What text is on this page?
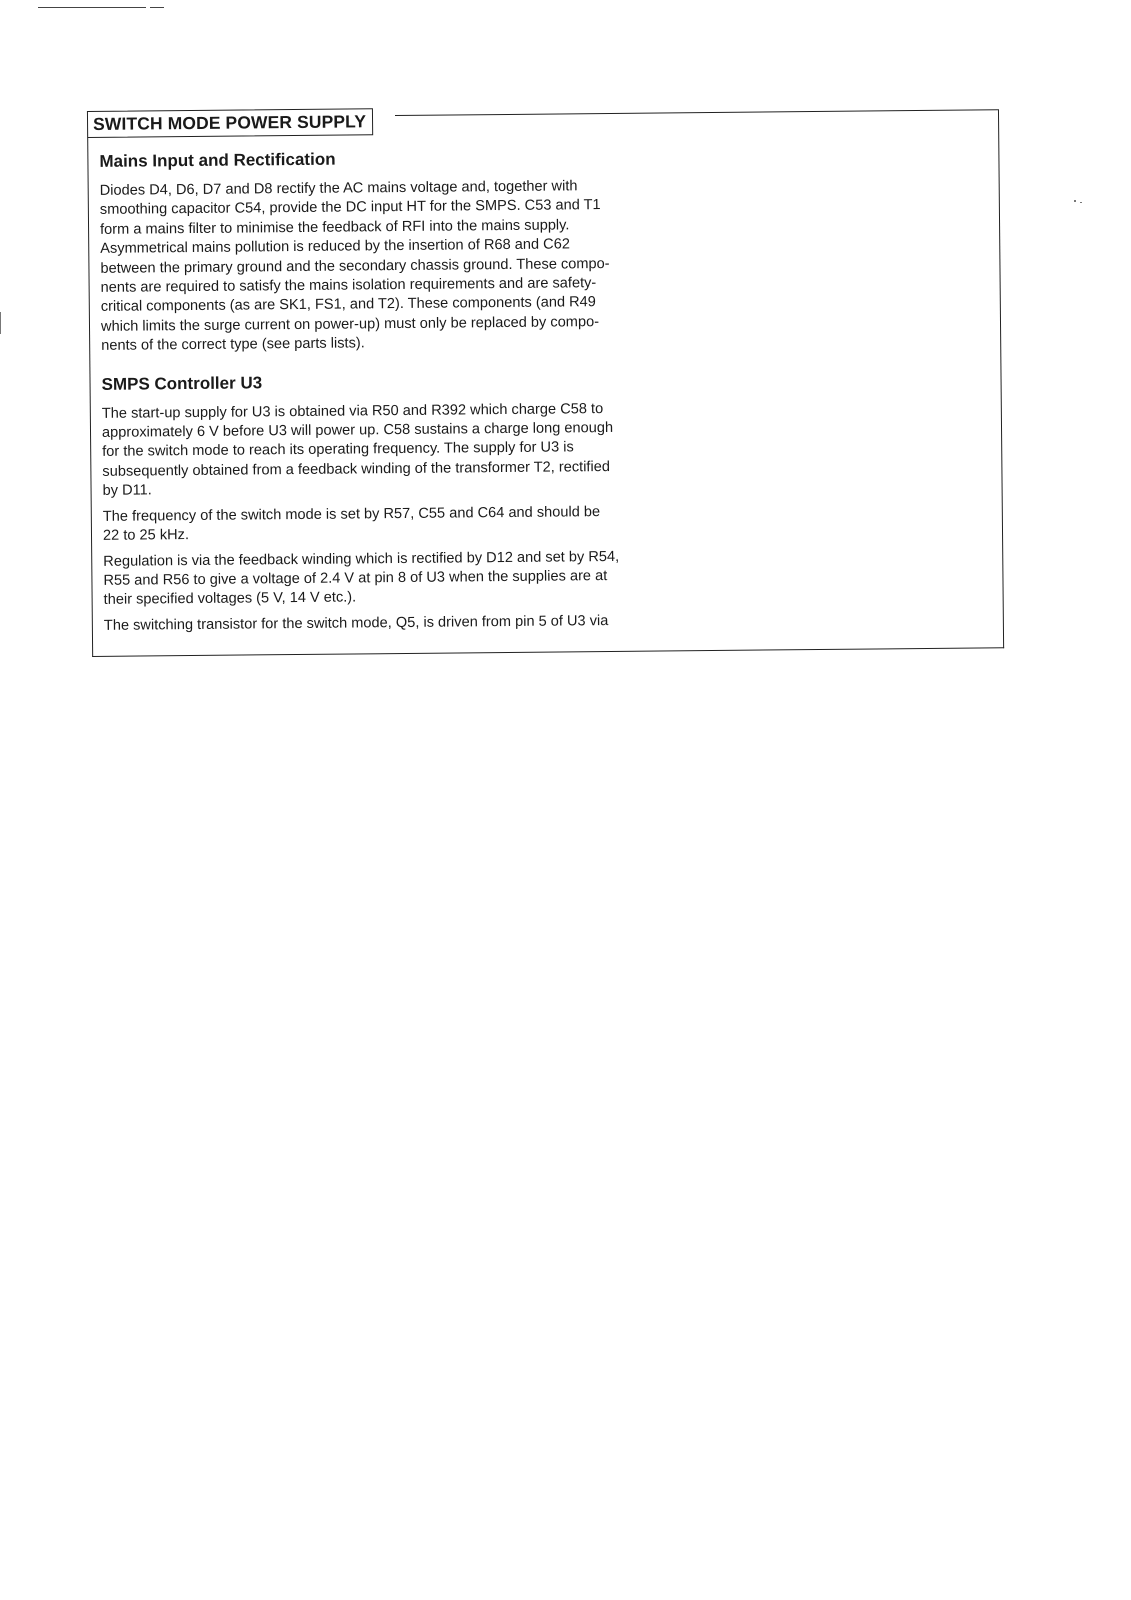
SWITCH MODE POWER SUPPLY
Mains Input and Rectification
Diodes D4, D6, D7 and D8 rectify the AC mains voltage and, together with
smoothing capacitor C54, provide the DC input HT for the SMPS. C53 and T1
form a mains filter to minimise the feedback of RFI into the mains supply.
Asymmetrical mains pollution is reduced by the insertion of R68 and C62
between the primary ground and the secondary chassis ground. These compo-
nents are required to satisfy the mains isolation requirements and are safety-
critical components (as are SK1, FS1, and T2). These components (and R49
which limits the surge current on power-up) must only be replaced by compo-
nents of the correct type (see parts lists).
SMPS Controller U3
The start-up supply for U3 is obtained via R50 and R392 which charge C58 to
approximately 6 V before U3 will power up. C58 sustains a charge long enough
for the switch mode to reach its operating frequency. The supply for U3 is
subsequently obtained from a feedback winding of the transformer T2, rectified
by D11.
The frequency of the switch mode is set by R57, C55 and C64 and should be
22 to 25 kHz.
Regulation is via the feedback winding which is rectified by D12 and set by R54,
R55 and R56 to give a voltage of 2.4 V at pin 8 of U3 when the supplies are at
their specified voltages (5 V, 14 V etc.).
The switching transistor for the switch mode, Q5, is driven from pin 5 of U3 via
